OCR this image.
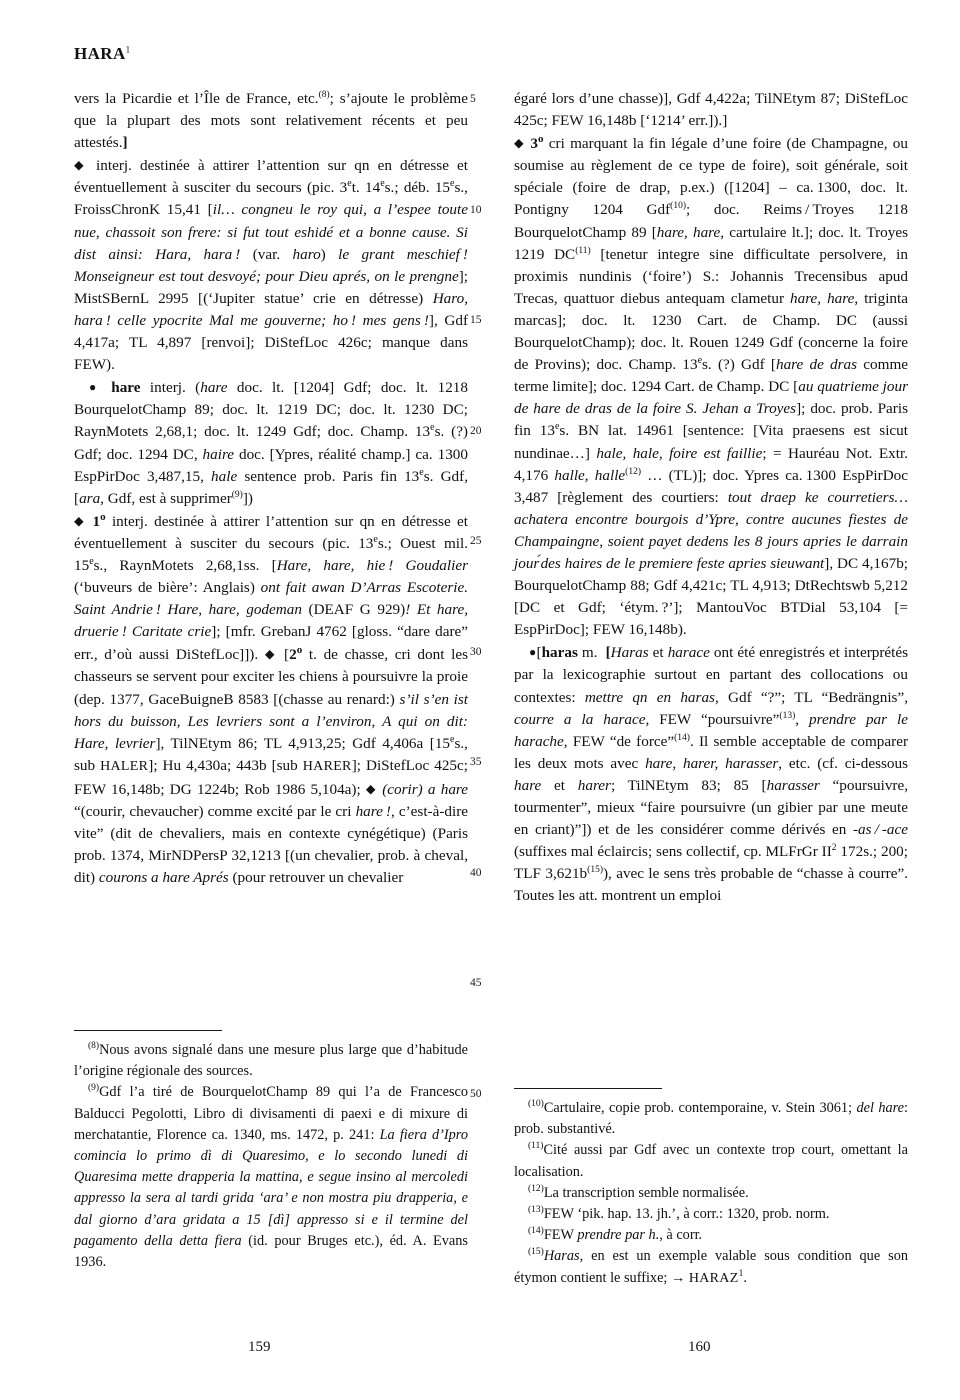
HARA$^1$

vers la Picardie et l’Île de France, etc.$^{(8)}$; s’ajoute le problème que la plupart des mots sont relativement récents et peu attestés.]

◆ interj. destinée à attirer l’attention sur qn en détresse et éventuellement à susciter du secours (pic. 3et. 14es.; déb. 15es., FroissChronK 15,41 [il… congneu le roy qui, a l’espee toute nue, chassoit son frere: si fut tout eshidé et a bonne cause. Si dist ainsi: Hara, hara ! (var. haro) le grant meschief ! Monseigneur est tout desvoyé; pour Dieu aprés, on le prengne]; MistSBernL 2995 [(‘Jupiter statue’ crie en détresse) Haro, hara ! celle ypocrite Mal me gouverne; ho ! mes gens !], Gdf 4,417a; TL 4,897 [renvoi]; DiStefLoc 426c; manque dans FEW).

● hare interj. (hare doc. lt. [1204] Gdf; doc. lt. 1218 BourquelotChamp 89; doc. lt. 1219 DC; doc. lt. 1230 DC; RaynMotets 2,68,1; doc. lt. 1249 Gdf; doc. Champ. 13es. (?) Gdf; doc. 1294 DC, haire doc. [Ypres, réalité champ.] ca. 1300 EspPirDoc 3,487,15, hale sentence prob. Paris fin 13es. Gdf, [ara, Gdf, est à supprimer$^{(9)}$])

◆ 1$^o$ interj. destinée à attirer l’attention sur qn en détresse et éventuellement à susciter du secours (pic. 13es.; Ouest mil. 15es., RaynMotets 2,68,1ss. [Hare, hare, hie ! Goudalier (‘buveurs de bière’: Anglais) ont fait awan D’Arras Escoterie. Saint Andrie ! Hare, hare, godeman (DEAF G 929)! Et hare, druerie ! Caritate crie]; [mfr. GrebanJ 4762 [gloss. “dare dare” err., d’où aussi DiStefLoc]]). ◆ [2$^o$ t. de chasse, cri dont les chasseurs se servent pour exciter les chiens à poursuivre la proie (dep. 1377, GaceBuigneB 8583 [(chasse au renard:) s’il s’en ist hors du buisson, Les levriers sont a l’environ, A qui on dit: Hare, levrier], TilNEtym 86; TL 4,913,25; Gdf 4,406a [15es., sub HALER]; Hu 4,430a; 443b [sub HARER]; DiStefLoc 425c; FEW 16,148b; DG 1224b; Rob 1986 5,104a); ◆ (corir) a hare “(courir, chevaucher) comme excité par le cri hare !, c’est-à-dire vite” (dit de chevaliers, mais en contexte cynégétique) (Paris prob. 1374, MirNDPersP 32,1213 [(un chevalier, prob. à cheval, dit) courons a hare Aprés (pour retrouver un chevalier

égaré lors d’une chasse)], Gdf 4,422a; TilNEtym 87; DiStefLoc 425c; FEW 16,148b [‘1214’ err.]).]

◆ 3$^o$ cri marquant la fin légale d’une foire (de Champagne, ou soumise au règlement de ce type de foire), soit générale, soit spéciale (foire de drap, p.ex.) ([1204] – ca. 1300, doc. lt. Pontigny 1204 Gdf$^{(10)}$; doc. Reims / Troyes 1218 BourquelotChamp 89 [hare, hare, cartulaire lt.]; doc. lt. Troyes 1219 DC$^{(11)}$ [tenetur integre sine difficultate persolvere, in proximis nundinis (‘foire’) S.: Johannis Trecensibus apud Trecas, quattuor diebus antequam clametur hare, hare, triginta marcas]; doc. lt. 1230 Cart. de Champ. DC (aussi BourquelotChamp); doc. lt. Rouen 1249 Gdf (concerne la foire de Provins); doc. Champ. 13es. (?) Gdf [hare de dras comme terme limite]; doc. 1294 Cart. de Champ. DC [au quatrieme jour de hare de dras de la foire S. Jehan a Troyes]; doc. prob. Paris fin 13es. BN lat. 14961 [sentence: [Vita praesens est sicut nundinae…] hale, hale, foire est faillie; = Hauréau Not. Extr. 4,176 halle, halle$^{(12)}$ … (TL)]; doc. Ypres ca. 1300 EspPirDoc 3,487 [règlement des courtiers: tout draep ke courretiers… achatera encontre bourgois d’Ypre, contre aucunes fiestes de Champaingne, soient payet dedens les 8 jours apries le darrain jour ́des haires de le premiere feste apries sieuwant], DC 4,167b; BourquelotChamp 88; Gdf 4,421c; TL 4,913; DtRechtswb 5,212 [DC et Gdf; ‘étym. ?’]; MantouVoc BTDial 53,104 [= EspPirDoc]; FEW 16,148b).

●[haras m.  [Haras et harace ont été enregistrés et interprétés par la lexicographie surtout en partant des collocations ou contextes: mettre qn en haras, Gdf “?”; TL “Bedrängnis”, courre a la harace, FEW “poursuivre”$^{(13)}$, prendre par le harache, FEW “de force”$^{(14)}$. Il semble acceptable de comparer les deux mots avec hare, harer, harasser, etc. (cf. ci-dessous hare et harer; TilNEtym 83; 85 [harasser “poursuivre, tourmenter”, mieux “faire poursuivre (un gibier par une meute en criant)”]) et de les considérer comme dérivés en -as / -ace (suffixes mal éclaircis; sens collectif, cp. MLFrGr $II^2$ 172s.; 200; TLF $3,621b^{(15)}$), avec le sens très probable de “chasse à courre”. Toutes les att. montrent un emploi

5
10
15
20
25
30
35
40
45
50

$^{(8)}$Nous avons signalé dans une mesure plus large que d’habitude l’origine régionale des sources.

$^{(9)}$Gdf l’a tiré de BourquelotChamp 89 qui l’a de Francesco Balducci Pegolotti, Libro di divisamenti di paexi e di mixure di merchatantie, Florence ca. 1340, ms. 1472, p. 241: La fiera d’Ipro comincia lo primo dì di Quaresimo, e lo secondo lunedi di Quaresima mette drapperia la mattina, e segue insino al mercoledi appresso la sera al tardi grida ‘ara’ e non mostra piu drapperia, e dal giorno d’ara gridata a 15 [dì] appresso si e il termine del pagamento della detta fiera (id. pour Bruges etc.), éd. A. Evans 1936.

$^{(10)}$Cartulaire, copie prob. contemporaine, v. Stein 3061; del hare: prob. substantivé.

$^{(11)}$Cité aussi par Gdf avec un contexte trop court, omettant la localisation.

$^{(12)}$La transcription semble normalisée.

$^{(13)}$FEW ‘pik. hap. 13. jh.’, à corr.: 1320, prob. norm.

$^{(14)}$FEW prendre par h., à corr.

$^{(15)}$Haras, en est un exemple valable sous condition que son étymon contient le suffixe; → $HARAZ^1$.

159	160
